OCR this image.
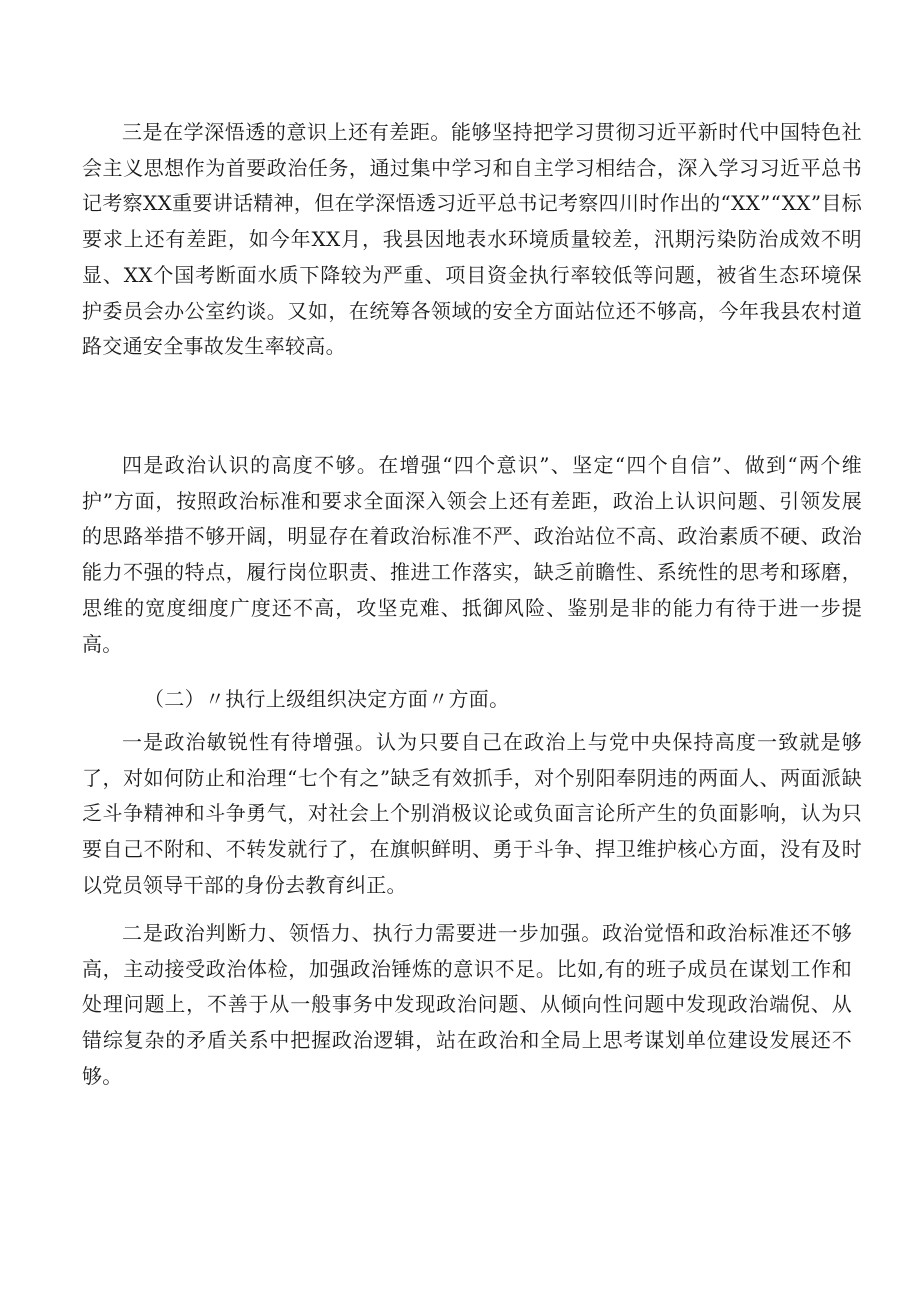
三是在学深悟透的意识上还有差距。能够坚持把学习贯彻习近平新时代中国特色社会主义思想作为首要政治任务，通过集中学习和自主学习相结合，深入学习习近平总书记考察XX重要讲话精神，但在学深悟透习近平总书记考察四川时作出的“XX”“XX”目标要求上还有差距，如今年XX月，我县因地表水环境质量较差，汛期污染防治成效不明显、XX个国考断面水质下降较为严重、项目资金执行率较低等问题，被省生态环境保护委员会办公室约谈。又如，在统筹各领域的安全方面站位还不够高，今年我县农村道路交通安全事故发生率较高。

四是政治认识的高度不够。在增强“四个意识”、坚定“四个自信”、做到“两个维护”方面，按照政治标准和要求全面深入领会上还有差距，政治上认识问题、引领发展的思路举措不够开阔，明显存在着政治标准不严、政治站位不高、政治素质不硬、政治能力不强的特点，履行岗位职责、推进工作落实，缺乏前瞻性、系统性的思考和琢磨，思维的宽度细度广度还不高，攻坚克难、抵御风险、鉴别是非的能力有待于进一步提高。

（二）〃执行上级组织决定方面〃方面。

一是政治敏锐性有待增强。认为只要自己在政治上与党中央保持高度一致就是够了，对如何防止和治理“七个有之”缺乏有效抓手，对个别阳奉阴违的两面人、两面派缺乏斗争精神和斗争勇气，对社会上个别消极议论或负面言论所产生的负面影响，认为只要自己不附和、不转发就行了，在旗帜鲜明、勇于斗争、捍卫维护核心方面，没有及时以党员领导干部的身份去教育纠正。

二是政治判断力、领悟力、执行力需要进一步加强。政治觉悟和政治标准还不够高，主动接受政治体检，加强政治锤炼的意识不足。比如,有的班子成员在谋划工作和处理问题上，不善于从一般事务中发现政治问题、从倾向性问题中发现政治端倪、从错综复杂的矛盾关系中把握政治逻辑，站在政治和全局上思考谋划单位建设发展还不够。
